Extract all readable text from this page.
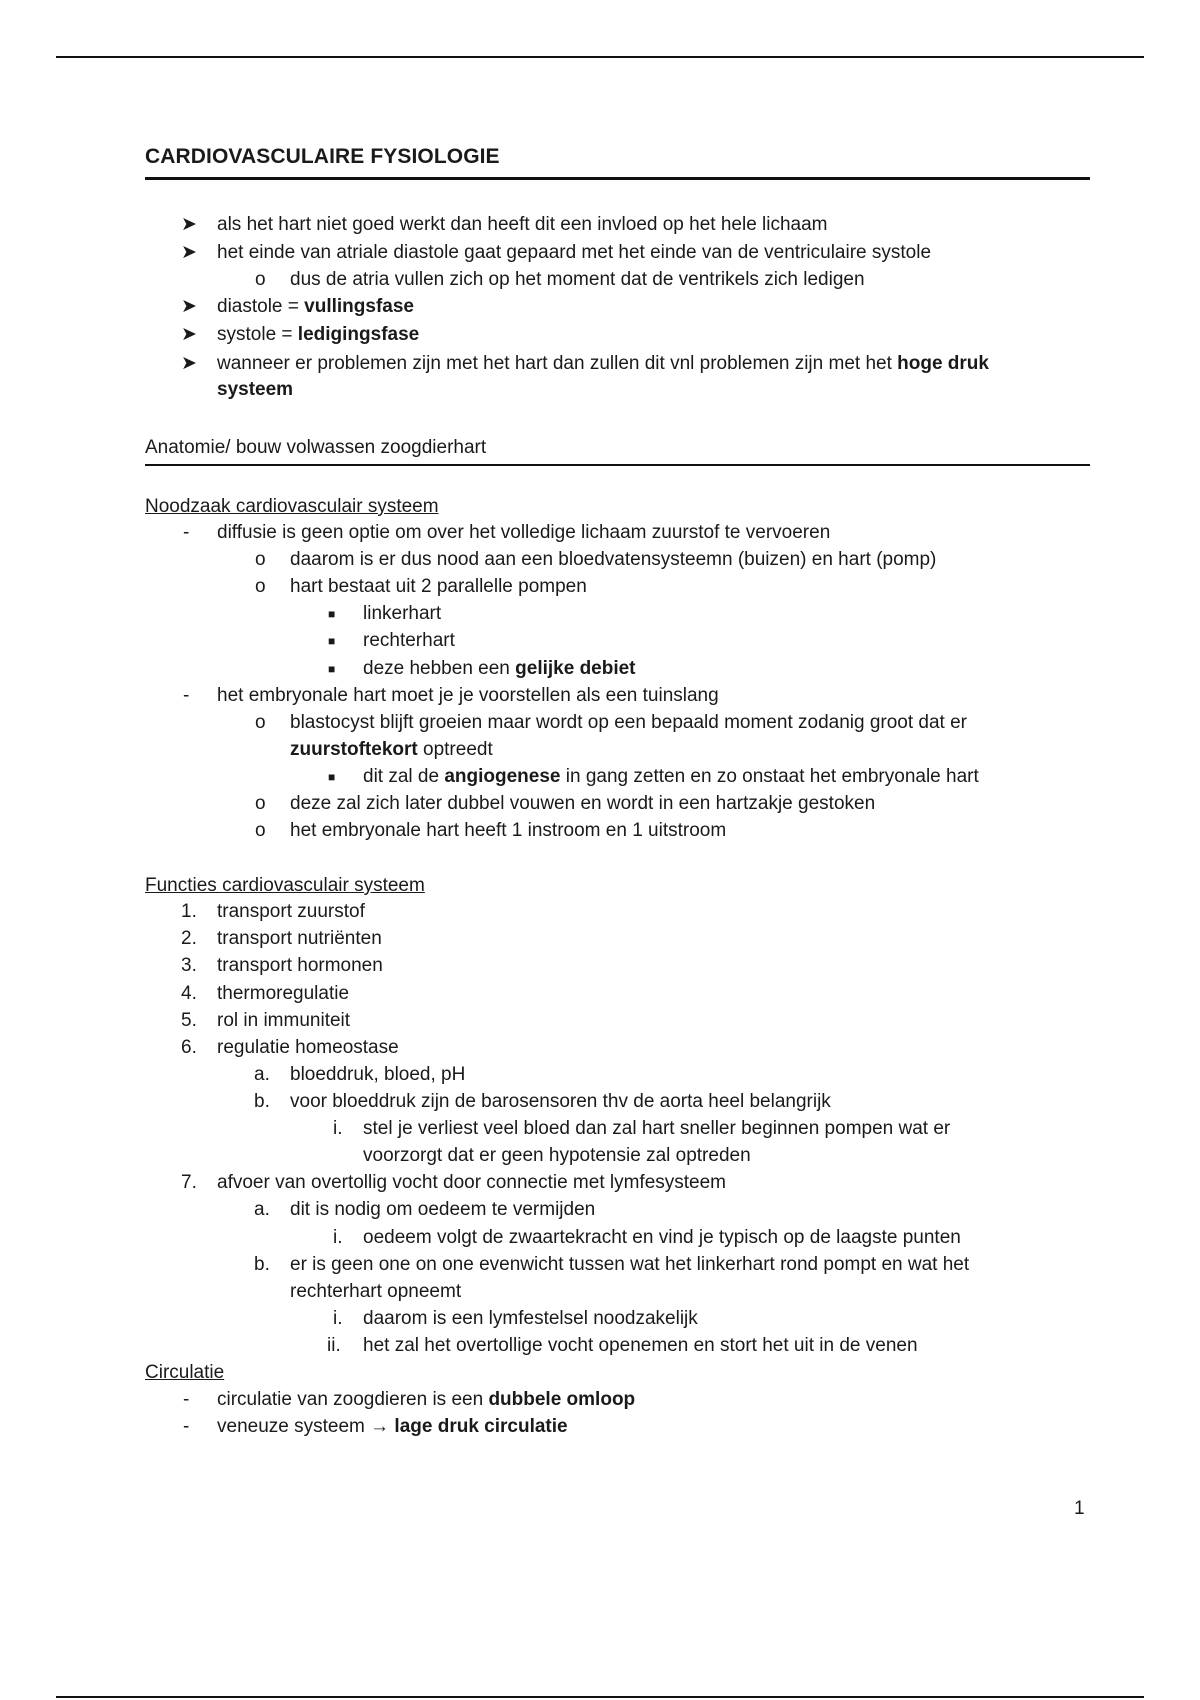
CARDIOVASCULAIRE FYSIOLOGIE
➤ als het hart niet goed werkt dan heeft dit een invloed op het hele lichaam
➤ het einde van atriale diastole gaat gepaard met het einde van de ventriculaire systole
o dus de atria vullen zich op het moment dat de ventrikels zich ledigen
➤ diastole = vullingsfase
➤ systole = ledigingsfase
➤ wanneer er problemen zijn met het hart dan zullen dit vnl problemen zijn met het hoge druk
systeem
Anatomie/ bouw volwassen zoogdierhart
Noodzaak cardiovasculair systeem
- diffusie is geen optie om over het volledige lichaam zuurstof te vervoeren
o daarom is er dus nood aan een bloedvatensysteemn (buizen) en hart (pomp)
o hart bestaat uit 2 parallelle pompen
■ linkerhart
■ rechterhart
■ deze hebben een gelijke debiet
- het embryonale hart moet je je voorstellen als een tuinslang
o blastocyst blijft groeien maar wordt op een bepaald moment zodanig groot dat er
zuurstoftekort optreedt
■ dit zal de angiogenese in gang zetten en zo onstaat het embryonale hart
o deze zal zich later dubbel vouwen en wordt in een hartzakje gestoken
o het embryonale hart heeft 1 instroom en 1 uitstroom
Functies cardiovasculair systeem
1. transport zuurstof
2. transport nutriënten
3. transport hormonen
4. thermoregulatie
5. rol in immuniteit
6. regulatie homeostase
a. bloeddruk, bloed, pH
b. voor bloeddruk zijn de barosensoren thv de aorta heel belangrijk
i. stel je verliest veel bloed dan zal hart sneller beginnen pompen wat er
voorzorgt dat er geen hypotensie zal optreden
7. afvoer van overtollig vocht door connectie met lymfesysteem
a. dit is nodig om oedeem te vermijden
i. oedeem volgt de zwaartekracht en vind je typisch op de laagste punten
b. er is geen one on one evenwicht tussen wat het linkerhart rond pompt en wat het
rechterhart opneemt
i. daarom is een lymfestelsel noodzakelijk
ii. het zal het overtollige vocht openemen en stort het uit in de venen
Circulatie
- circulatie van zoogdieren is een dubbele omloop
- veneuze systeem → lage druk circulatie
1
